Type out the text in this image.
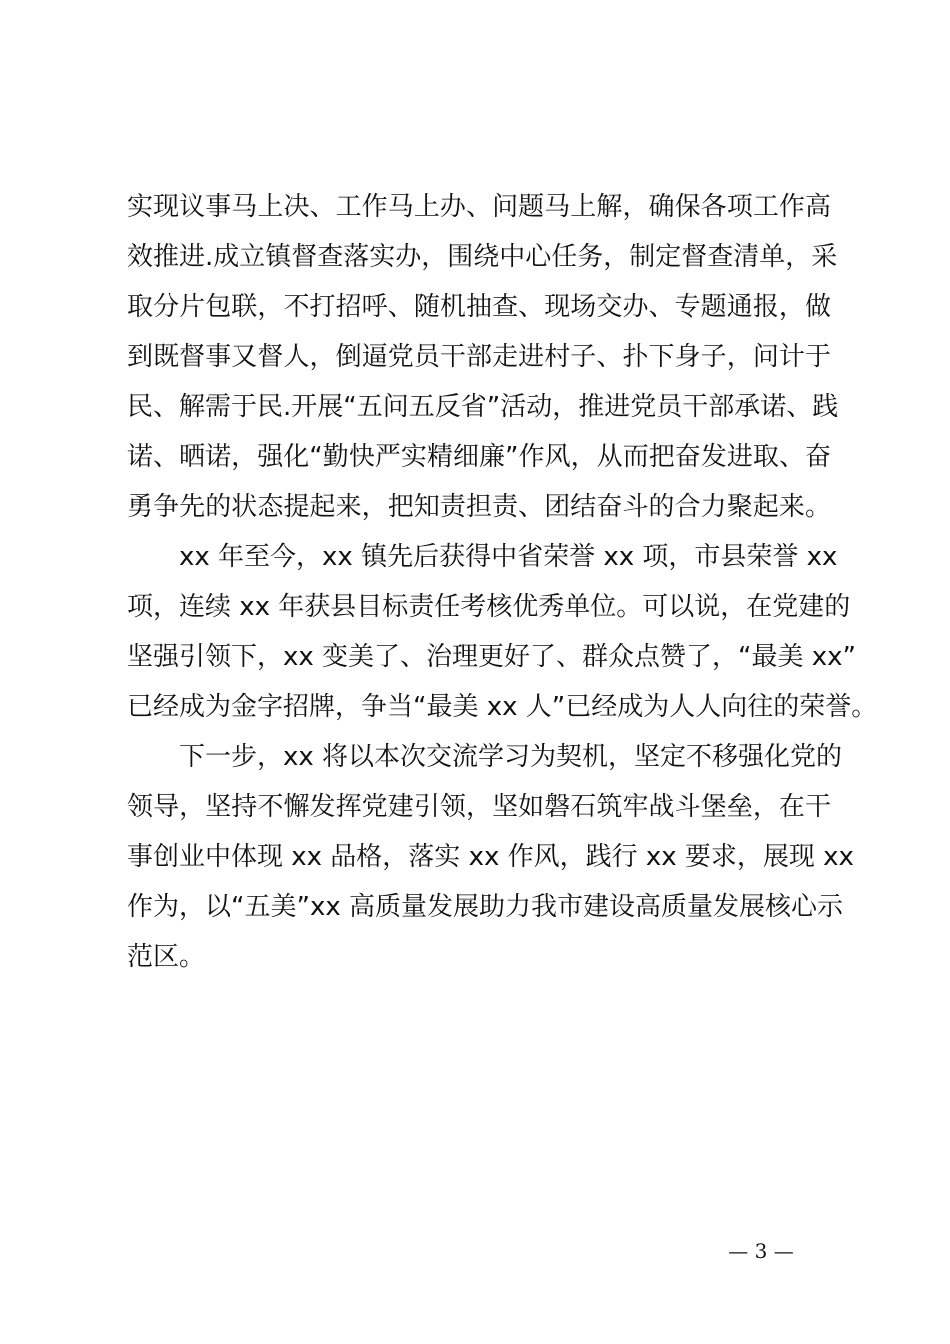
实现议事马上决、工作马上办、问题马上解，确保各项工作高
效推进.成立镇督查落实办，围绕中心任务，制定督查清单，采
取分片包联，不打招呼、随机抽查、现场交办、专题通报，做
到既督事又督人，倒逼党员干部走进村子、扑下身子，问计于
民、解需于民.开展“五问五反省”活动，推进党员干部承诺、践
诺、晒诺，强化“勤快严实精细廉”作风，从而把奋发进取、奋
勇争先的状态提起来，把知责担责、团结奋斗的合力聚起来。
　　xx 年至今，xx 镇先后获得中省荣誉 xx 项，市县荣誉 xx
项，连续 xx 年获县目标责任考核优秀单位。可以说，在党建的
坚强引领下，xx 变美了、治理更好了、群众点赞了，“最美 xx”
已经成为金字招牌，争当“最美 xx 人”已经成为人人向往的荣誉。
　　下一步，xx 将以本次交流学习为契机，坚定不移强化党的
领导，坚持不懈发挥党建引领，坚如磐石筑牢战斗堡垒，在干
事创业中体现 xx 品格，落实 xx 作风，践行 xx 要求，展现 xx
作为，以“五美”xx 高质量发展助力我市建设高质量发展核心示
范区。
— 3 —
